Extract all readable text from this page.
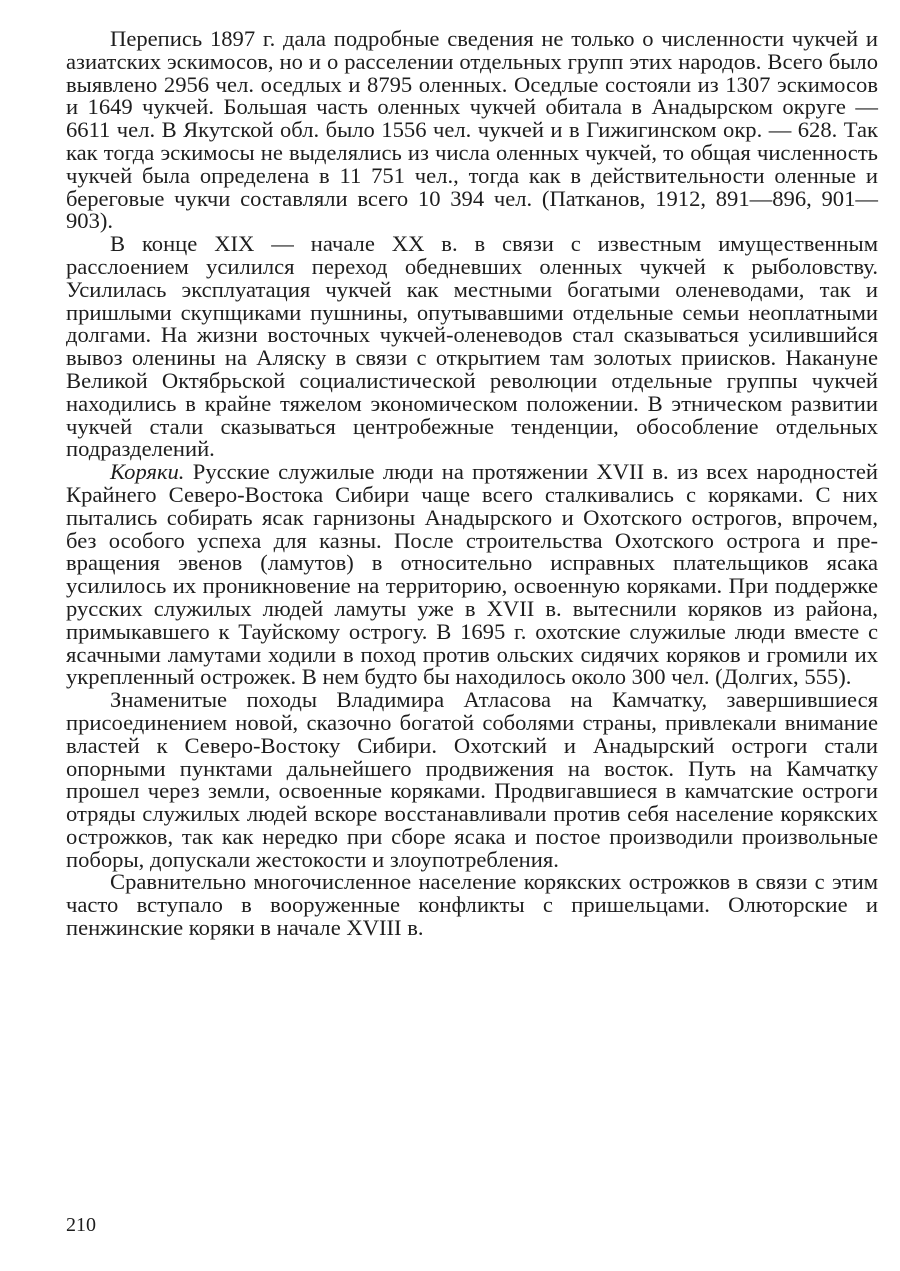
Перепись 1897 г. дала подробные сведения не только о численности чукчей и азиатских эскимосов, но и о расселении отдельных групп этих народов. Всего было выявлено 2956 чел. оседлых и 8795 оленных. Оседлые состояли из 1307 эскимосов и 1649 чукчей. Большая часть оленных чукчей обитала в Анадырском округе — 6611 чел. В Якутской обл. было 1556 чел. чукчей и в Гижигинском окр. — 628. Так как тогда эскимосы не выделялись из числа оленных чукчей, то общая численность чукчей была определена в 11 751 чел., тогда как в действительности оленные и береговые чукчи составляли всего 10 394 чел. (Патканов, 1912, 891—896, 901—903).

В конце XIX — начале XX в. в связи с известным имущественным расслоением усилился переход обедневших оленных чукчей к рыболовству. Усилилась эксплуатация чукчей как местными богатыми оленеводами, так и пришлыми скупщиками пушнины, опутывавшими отдельные семьи неоплатными долгами. На жизни восточных чукчей-оленеводов стал сказываться усилившийся вывоз оленины на Аляску в связи с открытием там золотых приисков. Накануне Великой Октябрьской социалистической революции отдельные группы чукчей находились в крайне тяжелом экономическом положении. В этническом развитии чукчей стали сказываться центробежные тенденции, обособление отдельных подразделений.

Коряки. Русские служилые люди на протяжении XVII в. из всех народностей Крайнего Северо-Востока Сибири чаще всего сталкивались с коряками. С них пытались собирать ясак гарнизоны Анадырского и Охотского острогов, впрочем, без особого успеха для казны. После строительства Охотского острога и превращения эвенов (ламутов) в относительно исправных плательщиков ясака усилилось их проникновение на территорию, освоенную коряками. При поддержке русских служилых людей ламуты уже в XVII в. вытеснили коряков из района, примыкавшего к Тауйскому острогу. В 1695 г. охотские служилые люди вместе с ясачными ламутами ходили в поход против ольских сидячих коряков и громили их укрепленный острожек. В нем будто бы находилось около 300 чел. (Долгих, 555).

Знаменитые походы Владимира Атласова на Камчатку, завершившиеся присоединением новой, сказочно богатой соболями страны, привлекали внимание властей к Северо-Востоку Сибири. Охотский и Анадырский остроги стали опорными пунктами дальнейшего продвижения на восток. Путь на Камчатку прошел через земли, освоенные коряками. Продвигавшиеся в камчатские остроги отряды служилых людей вскоре восстанавливали против себя население корякских острожков, так как нередко при сборе ясака и постое производили произвольные поборы, допускали жестокости и злоупотребления.

Сравнительно многочисленное население корякских острожков в связи с этим часто вступало в вооруженные конфликты с пришельцами. Олюторские и пенжинские коряки в начале XVIII в.

210
